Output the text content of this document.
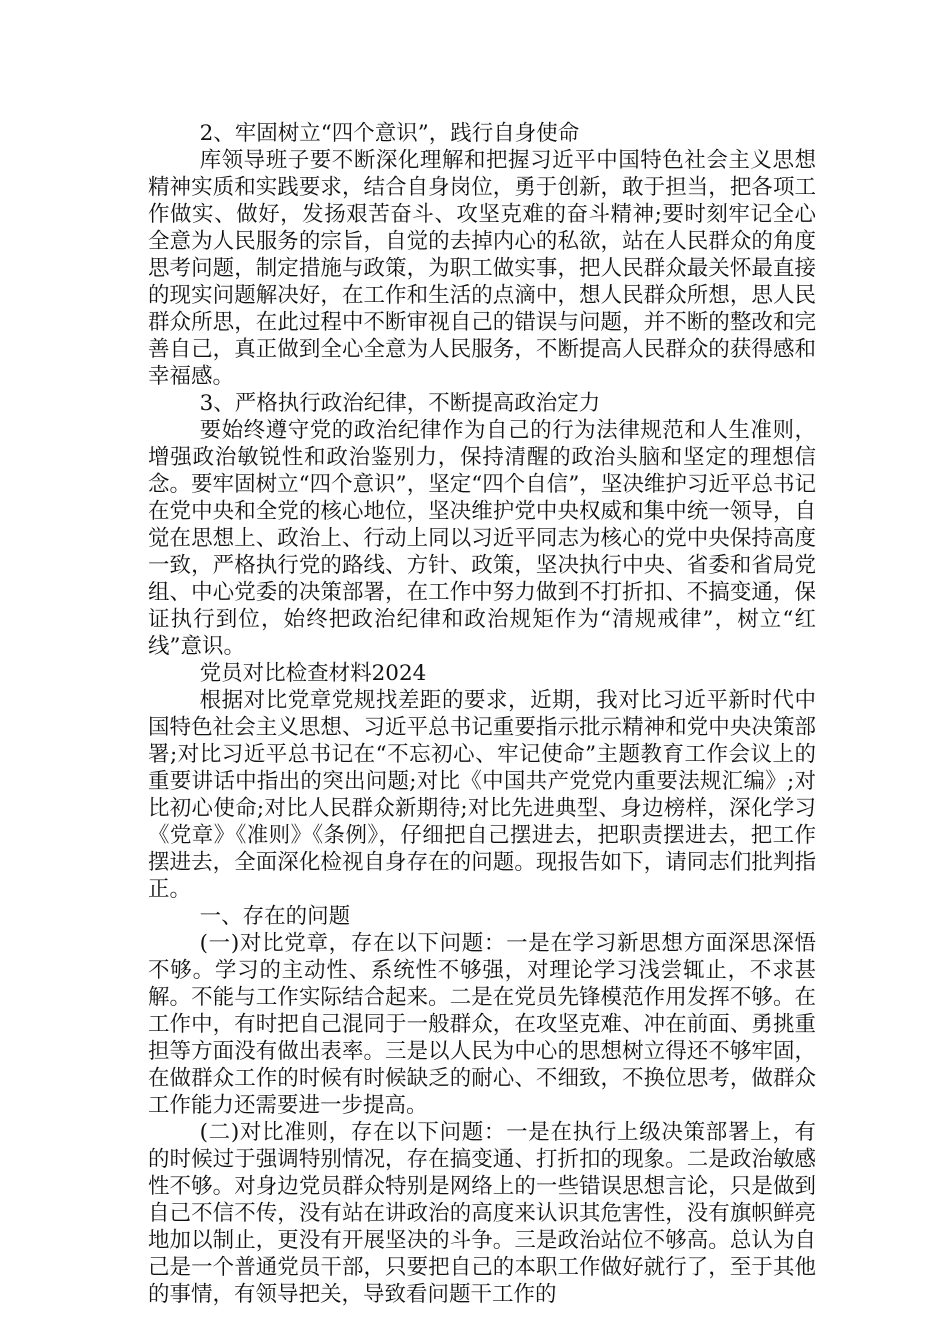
2、牢固树立“四个意识”，践行自身使命

库领导班子要不断深化理解和把握习近平中国特色社会主义思想精神实质和实践要求，结合自身岗位，勇于创新，敢于担当，把各项工作做实、做好，发扬艰苦奋斗、攻坚克难的奋斗精神;要时刻牢记全心全意为人民服务的宗旨，自觉的去掉内心的私欲，站在人民群众的角度思考问题，制定措施与政策，为职工做实事，把人民群众最关怀最直接的现实问题解决好，在工作和生活的点滴中，想人民群众所想，思人民群众所思，在此过程中不断审视自己的错误与问题，并不断的整改和完善自己，真正做到全心全意为人民服务，不断提高人民群众的获得感和幸福感。

3、严格执行政治纪律，不断提高政治定力

要始终遵守党的政治纪律作为自己的行为法律规范和人生准则，增强政治敏锐性和政治鉴别力，保持清醒的政治头脑和坚定的理想信念。要牢固树立“四个意识”，坚定“四个自信”，坚决维护习近平总书记在党中央和全党的核心地位，坚决维护党中央权威和集中统一领导，自觉在思想上、政治上、行动上同以习近平同志为核心的党中央保持高度一致，严格执行党的路线、方针、政策，坚决执行中央、省委和省局党组、中心党委的决策部署，在工作中努力做到不打折扣、不搞变通，保证执行到位，始终把政治纪律和政治规矩作为“清规戒律”，树立“红线”意识。

党员对比检查材料2024

根据对比党章党规找差距的要求，近期，我对比习近平新时代中国特色社会主义思想、习近平总书记重要指示批示精神和党中央决策部署;对比习近平总书记在“不忘初心、牢记使命”主题教育工作会议上的重要讲话中指出的突出问题;对比《中国共产党党内重要法规汇编》;对比初心使命;对比人民群众新期待;对比先进典型、身边榜样，深化学习《党章》《准则》《条例》，仔细把自己摆进去，把职责摆进去，把工作摆进去，全面深化检视自身存在的问题。现报告如下，请同志们批判指正。

一、存在的问题

(一)对比党章，存在以下问题：一是在学习新思想方面深思深悟不够。学习的主动性、系统性不够强，对理论学习浅尝辄止，不求甚解。不能与工作实际结合起来。二是在党员先锋模范作用发挥不够。在工作中，有时把自己混同于一般群众，在攻坚克难、冲在前面、勇挑重担等方面没有做出表率。三是以人民为中心的思想树立得还不够牢固，在做群众工作的时候有时候缺乏的耐心、不细致，不换位思考，做群众工作能力还需要进一步提高。

(二)对比准则，存在以下问题：一是在执行上级决策部署上，有的时候过于强调特别情况，存在搞变通、打折扣的现象。二是政治敏感性不够。对身边党员群众特别是网络上的一些错误思想言论，只是做到自己不信不传，没有站在讲政治的高度来认识其危害性，没有旗帜鲜亮地加以制止，更没有开展坚决的斗争。三是政治站位不够高。总认为自己是一个普通党员干部，只要把自己的本职工作做好就行了，至于其他的事情，有领导把关，导致看问题干工作的
